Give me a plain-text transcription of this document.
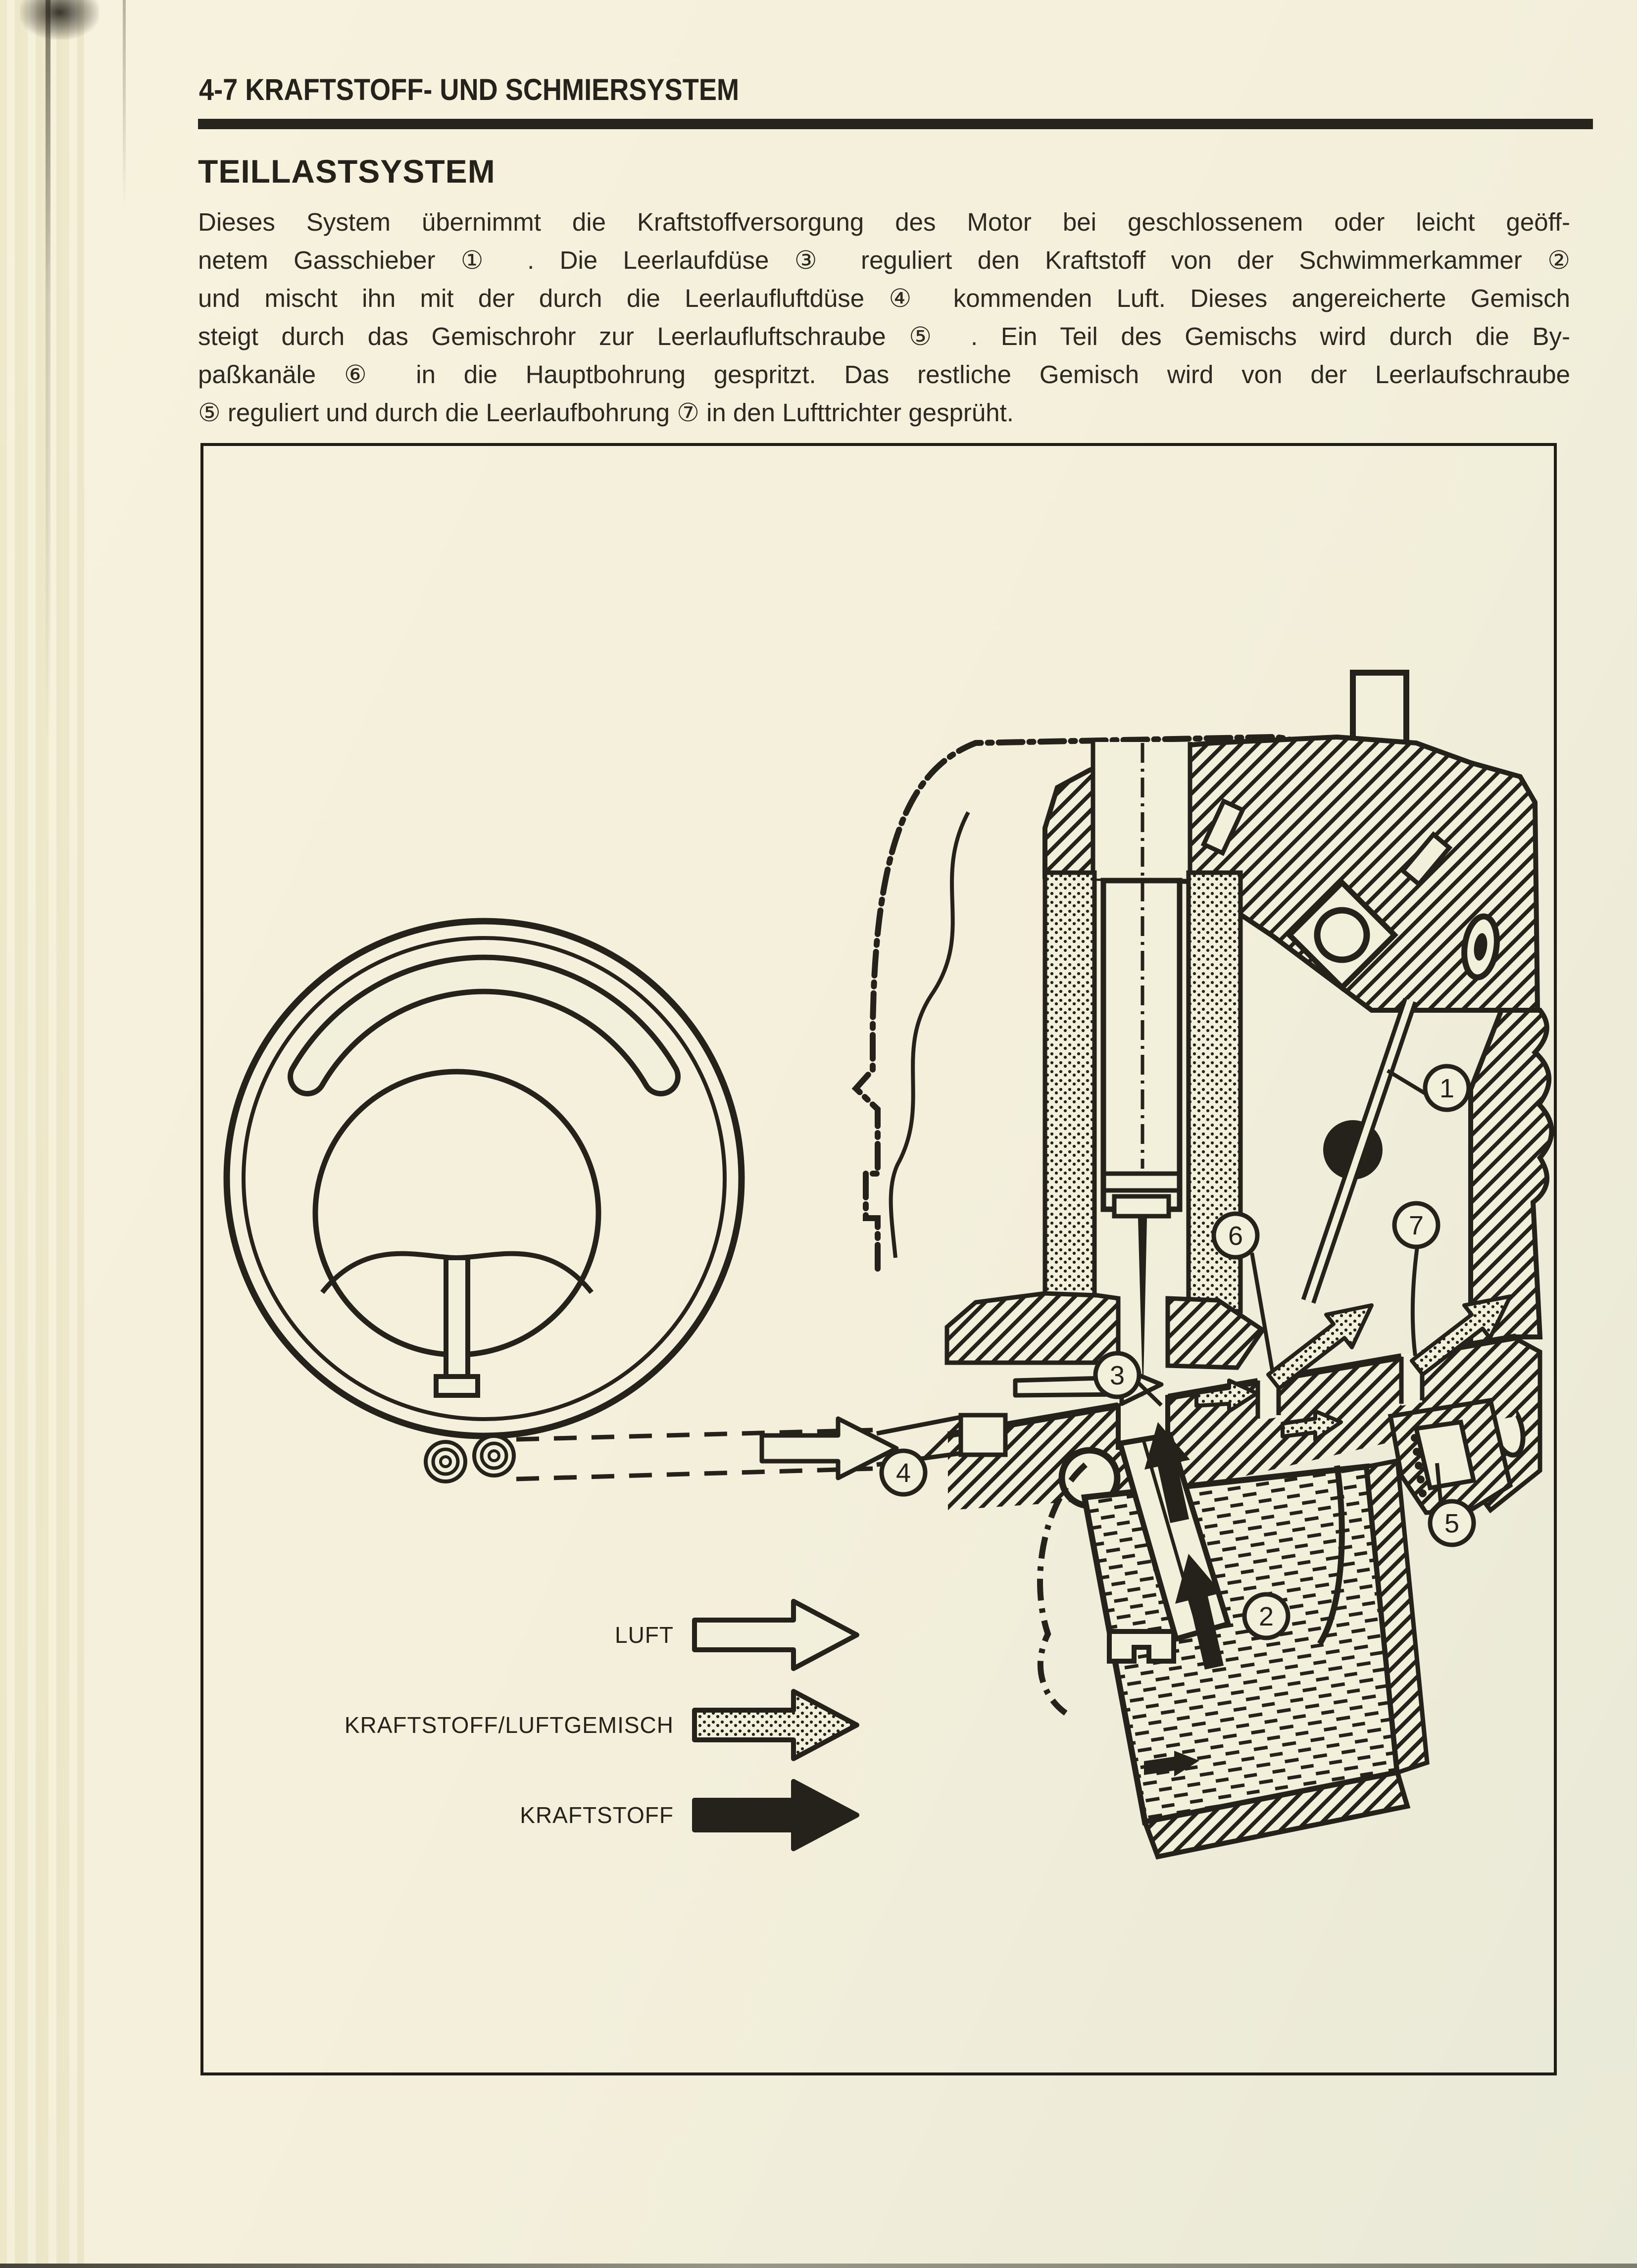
4-7 KRAFTSTOFF- UND SCHMIERSYSTEM
TEILLASTSYSTEM
Dieses System übernimmt die Kraftstoffversorgung des Motor bei geschlossenem oder leicht geöff-
netem Gasschieber ① . Die Leerlaufdüse ③ reguliert den Kraftstoff von der Schwimmerkammer ②
und mischt ihn mit der durch die Leerlaufluftdüse ④ kommenden Luft. Dieses angereicherte Gemisch
steigt durch das Gemischrohr zur Leerlaufluftschraube ⑤ . Ein Teil des Gemischs wird durch die By-
paßkanäle ⑥ in die Hauptbohrung gespritzt. Das restliche Gemisch wird von der Leerlaufschraube
⑤ reguliert und durch die Leerlaufbohrung ⑦ in den Lufttrichter gesprüht.
1
2
3
4
5
6	7
LUFT
KRAFTSTOFF/LUFTGEMISCH
KRAFTSTOFF
